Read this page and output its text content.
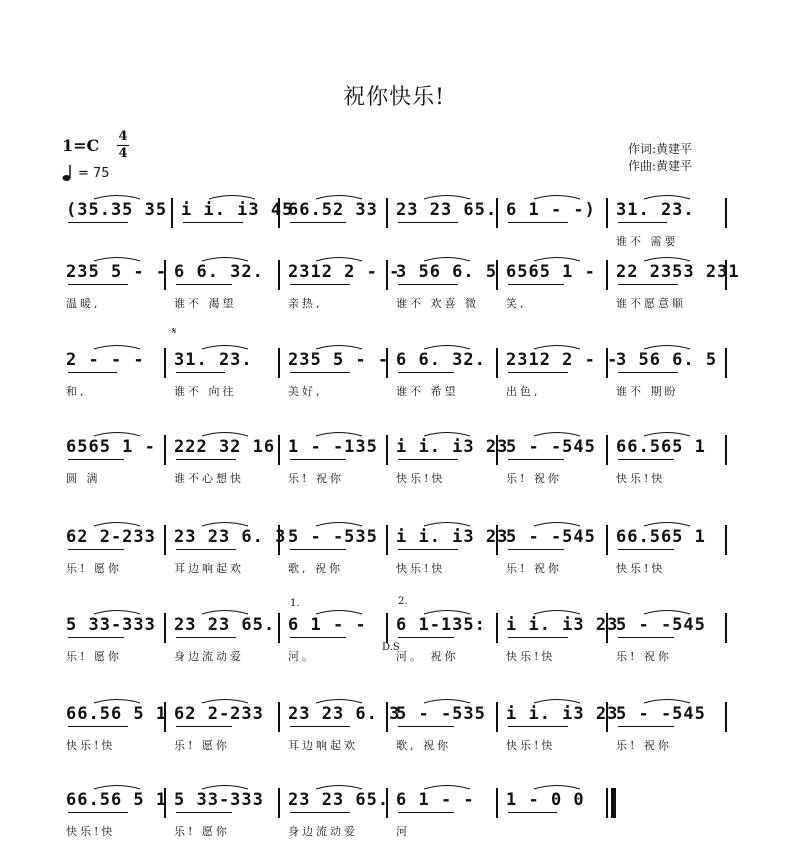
祝你快乐!
1=C 4
4
= 75
作词:黄建平
作曲:黄建平
(35.35 35 i i. i3 45
66.52 33 23 23 65. 6 1 - -) 31. 23.
谁不 需要
235 5 - - 6 6. 32. 2312 2 - -
3 56 6. 5 6565 1 - 22 2353 231
温暖,	谁不 渴望	亲热,	谁不 欢喜 微 笑,	谁不愿意顺
2 - - - 31. 23. 235 5 - - 6 6. 32. 2312 2 - -
3 56 6. 5
和,	谁不 向往	美好,	谁不 希望	出色,	谁不 期盼
6565 1 - 222 32 16 1 - -135 i i. i3 23
5 - -545 66.565 1
圆 满	谁不心想快	乐! 祝你	快乐!快	乐! 祝你	快乐!快
62 2-233 23 23 6. 3 5 - -535 i i. i3 23
5 - -545 66.565 1
乐! 愿你	耳边响起欢	歌, 祝你	快乐!快	乐! 祝你	快乐!快
5 33-333 23 23 65. 6 1 - - 6 1-135: i i. i3 23
5 - -545
乐! 愿你	身边流动爱	河。	河。 祝你	快乐!快	乐! 祝你
66.56 5 1 62 2-233 23 23 6. 3
5 - -535 i i. i3 23
5 - -545
快乐!快	乐! 愿你	耳边响起欢	歌, 祝你	快乐!快	乐! 祝你
66.56 5 1 5 33-333 23 23 65. 6 1 - - 1 - 0 0
快乐!快	乐! 愿你	身边流动爱	河
𝄋
1.	2.
D.S
